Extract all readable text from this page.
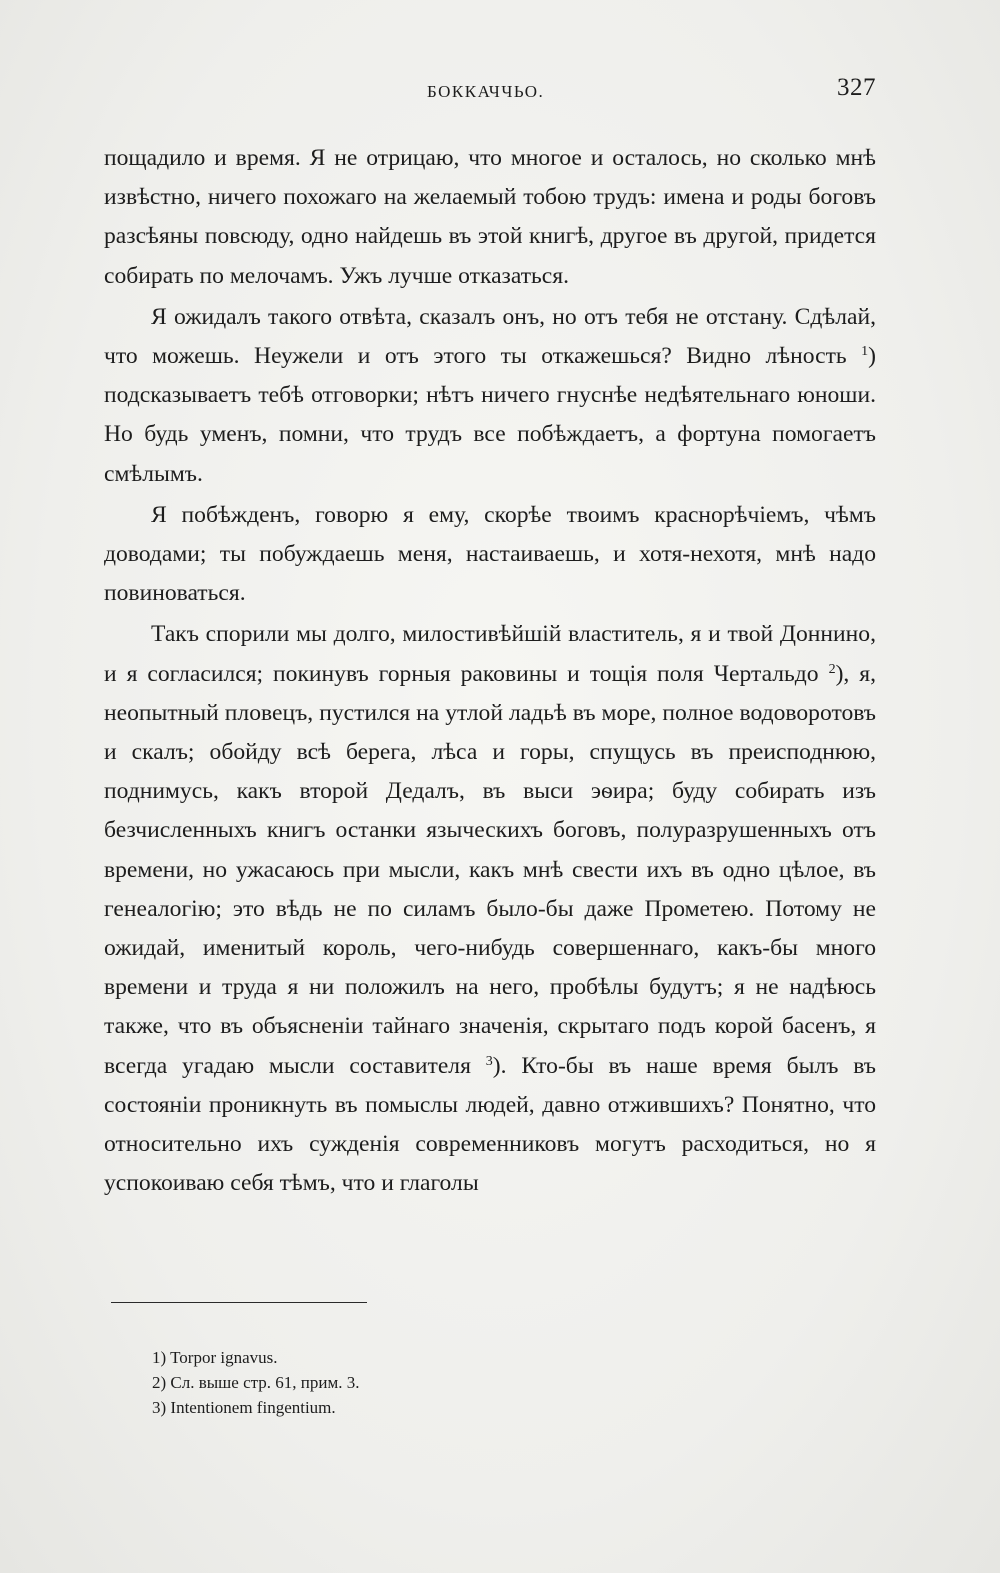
БОККАЧЧЬО.	327

пощадило и время. Я не отрицаю, что многое и осталось, но сколько мнѣ извѣстно, ничего похожаго на желаемый тобою трудъ: имена и роды боговъ разсѣяны повсюду, одно найдешь въ этой книгѣ, другое въ другой, придется собирать по мелочамъ. Ужъ лучше отказаться.

Я ожидалъ такого отвѣта, сказалъ онъ, но отъ тебя не отстану. Сдѣлай, что можешь. Неужели и отъ этого ты откажешься? Видно лѣность $^1$) подсказываетъ тебѣ отговорки; нѣтъ ничего гнуснѣе недѣятельнаго юноши. Но будь уменъ, помни, что трудъ все побѣждаетъ, а фортуна помогаетъ смѣлымъ.

Я побѣжденъ, говорю я ему, скорѣе твоимъ краснорѣчіемъ, чѣмъ доводами; ты побуждаешь меня, настаиваешь, и хотя-нехотя, мнѣ надо повиноваться.

Такъ спорили мы долго, милостивѣйшій властитель, я и твой Доннино, и я согласился; покинувъ горныя раковины и тощія поля Чертальдо $^2$), я, неопытный пловецъ, пустился на утлой ладьѣ въ море, полное водоворотовъ и скалъ; обойду всѣ берега, лѣса и горы, спущусь въ преисподнюю, поднимусь, какъ второй Дедалъ, въ выси эѳира; буду собирать изъ безчисленныхъ книгъ останки языческихъ боговъ, полуразрушенныхъ отъ времени, но ужасаюсь при мысли, какъ мнѣ свести ихъ въ одно цѣлое, въ генеалогію; это вѣдь не по силамъ было-бы даже Прометею. Потому не ожидай, именитый король, чего-нибудь совершеннаго, какъ-бы много времени и труда я ни положилъ на него, пробѣлы будутъ; я не надѣюсь также, что въ объясненіи тайнаго значенія, скрытаго подъ корой басенъ, я всегда угадаю мысли составителя $^3$). Кто-бы въ наше время былъ въ состояніи проникнуть въ помыслы людей, давно отжившихъ? Понятно, что относительно ихъ сужденія современниковъ могутъ расходиться, но я успокоиваю себя тѣмъ, что и глаголы

1) Torpor ignavus.

2) Сл. выше стр. 61, прим. 3.

3) Intentionem fingentium.
